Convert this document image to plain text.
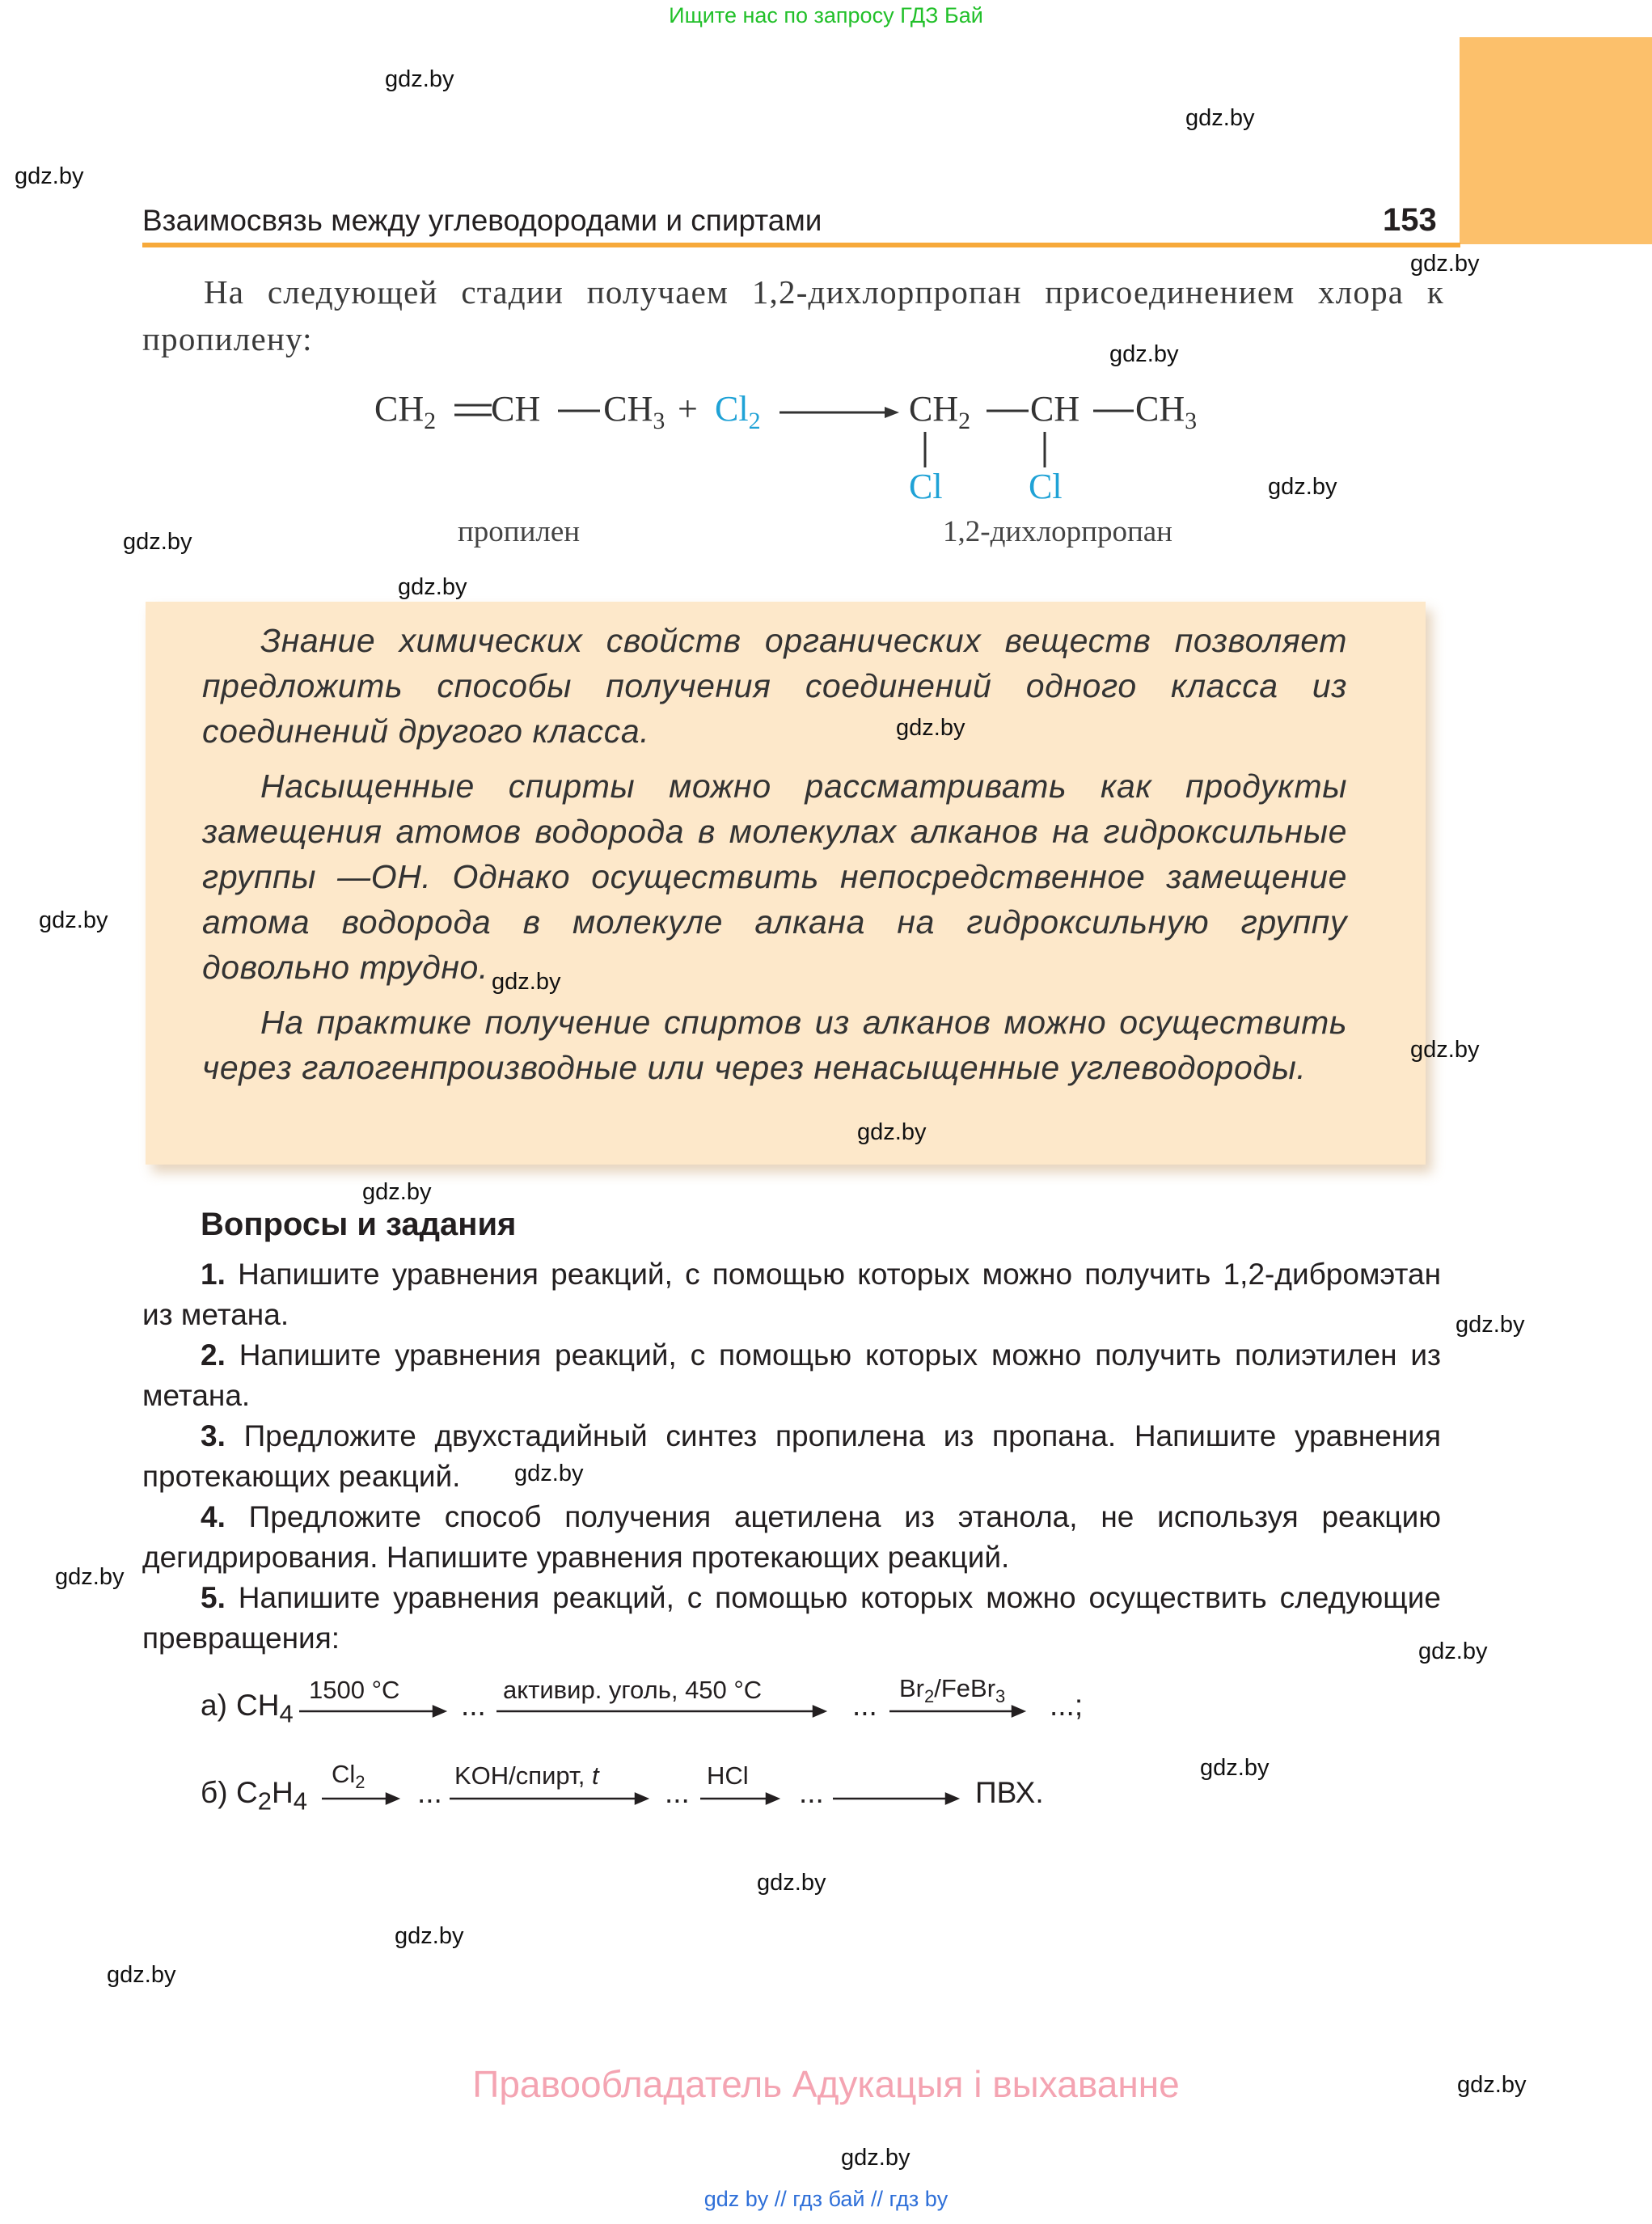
Ищите нас по запросу ГДЗ Бай
Взаимосвязь между углеводородами и спиртами	153
На следующей стадии получаем 1,2-дихлорпропан присоединением хлора к пропилену:
$CH_2$ CH $CH_3 + Cl_2$	$CH_2$ CH $CH_3$
Cl Cl
пропилен	1,2-дихлорпропан

Знание химических свойств органических веществ позволяет предложить способы получения соединений одного класса из соединений другого класса.

Насыщенные спирты можно рассматривать как продукты замещения атомов водорода в молекулах алканов на гидроксильные группы —OH. Однако осуществить непосредственное замещение атома водорода в молекуле алкана на гидроксильную группу довольно трудно.

На практике получение спиртов из алканов можно осуществить через галогенпроизводные или через ненасыщенные углеводороды.

Вопросы и задания
1. Напишите уравнения реакций, с помощью которых можно получить 1,2-дибромэтан из метана.
2. Напишите уравнения реакций, с помощью которых можно получить полиэтилен из метана.
3. Предложите двухстадийный синтез пропилена из пропана. Напишите уравнения протекающих реакций.
4. Предложите способ получения ацетилена из этанола, не используя реакцию дегидрирования. Напишите уравнения протекающих реакций.
5. Напишите уравнения реакций, с помощью которых можно осуществить следующие превращения:
а) $CH_4$
1500 °C ... активир. уголь, 450 °C	...
$Br_2/FeBr_3$ ...;
б) $C_2H_4$
$Cl_2$ ...
KOH/спирт, t
...
HCl
...	ПВХ.
Правообладатель Адукацыя і выхаванне
gdz by // гдз бай // гдз by
gdz.by
gdz.by
gdz.by
gdz.by
gdz.by
gdz.by
gdz.by
gdz.by
gdz.by
gdz.by
gdz.by
gdz.by
gdz.by
gdz.by
gdz.by
gdz.by
gdz.by
gdz.by
gdz.by
gdz.by
gdz.by
gdz.by
gdz.by
gdz.by
